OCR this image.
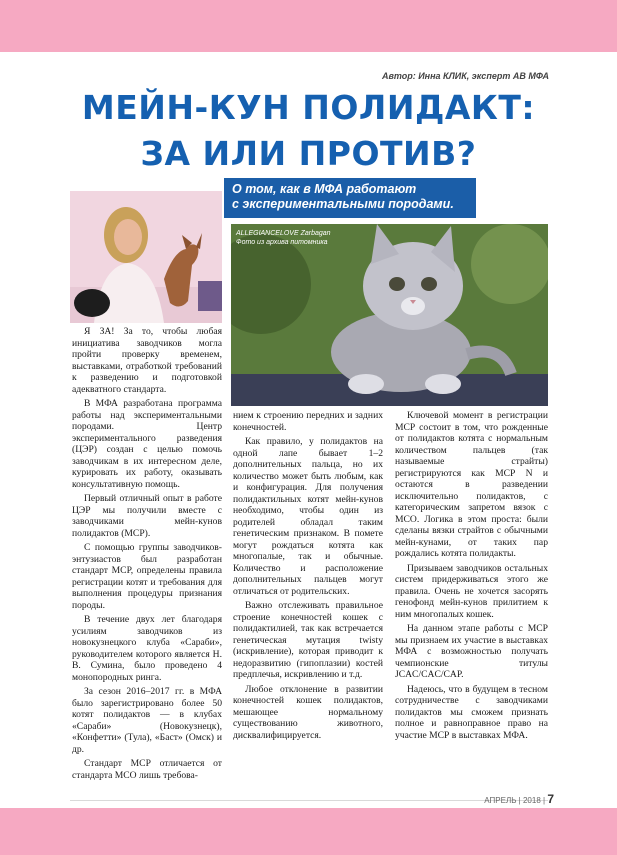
Автор: Инна КЛИК, эксперт АВ МФА
МЕЙН-КУН ПОЛИДАКТ:
ЗА ИЛИ ПРОТИВ?
О том, как в МФА работают
с экспериментальными породами.
ALLEGIANCELOVE Zarbagan
Фото из архива питомника

Я ЗА! За то, чтобы любая инициатива заводчиков могла пройти проверку временем, выставками, отработкой требований к разведению и подготовкой адекватного стандарта.

В МФА разработана программа работы над экспериментальными породами. Центр экспериментального разведения (ЦЭР) создан с целью помочь заводчикам в их интересном деле, курировать их работу, оказывать консультативную помощь.

Первый отличный опыт в работе ЦЭР мы получили вместе с заводчиками мейн-кунов полидактов (МСР).

С помощью группы заводчиков-энтузиастов был разработан стандарт МСР, определены правила регистрации котят и требования для выполнения процедуры признания породы.

В течение двух лет благодаря усилиям заводчиков из новокузнецкого клуба «Сараби», руководителем которого является Н. В. Сумина, было проведено 4 монопородных ринга.

За сезон 2016–2017 гг. в МФА было зарегистрировано более 50 котят полидактов — в клубах «Сараби» (Новокузнецк), «Конфетти» (Тула), «Баст» (Омск) и др.

Стандарт МСР отличается от стандарта МСО лишь требова-

нием к строению передних и задних конечностей.

Как правило, у полидактов на одной лапе бывает 1–2 дополнительных пальца, но их количество может быть любым, как и конфигурация. Для получения полидактильных котят мейн-кунов необходимо, чтобы один из родителей обладал таким генетическим признаком. В помете могут рождаться котята как многопалые, так и обычные. Количество и расположение дополнительных пальцев могут отличаться от родительских.

Важно отслеживать правильное строение конечностей кошек с полидактилией, так как встречается генетическая мутация twisty (искривление), которая приводит к недоразвитию (гипоплазии) костей предплечья, искривлению и т.д.

Любое отклонение в развитии конечностей кошек полидактов, мешающее нормальному существованию животного, дисквалифицируется.

Ключевой момент в регистрации МСР состоит в том, что рожденные от полидактов котята с нормальным количеством пальцев (так называемые страйты) регистрируются как МСР N и остаются в разведении исключительно полидактов, с категорическим запретом вязок с МСО. Логика в этом проста: были сделаны вязки страйтов с обычными мейн-кунами, от таких пар рождались котята полидакты.

Призываем заводчиков остальных систем придерживаться этого же правила. Очень не хочется засорять генофонд мейн-кунов прилитием к ним многопалых кошек.

На данном этапе работы с МСР мы признаем их участие в выставках МФА с возможностью получать чемпионские титулы JCAC/CAC/CAP.

Надеюсь, что в будущем в тесном сотрудничестве с заводчиками полидактов мы сможем признать полное и равноправное право на участие МСР в выставках МФА.

АПРЕЛЬ | 2018 | 7
